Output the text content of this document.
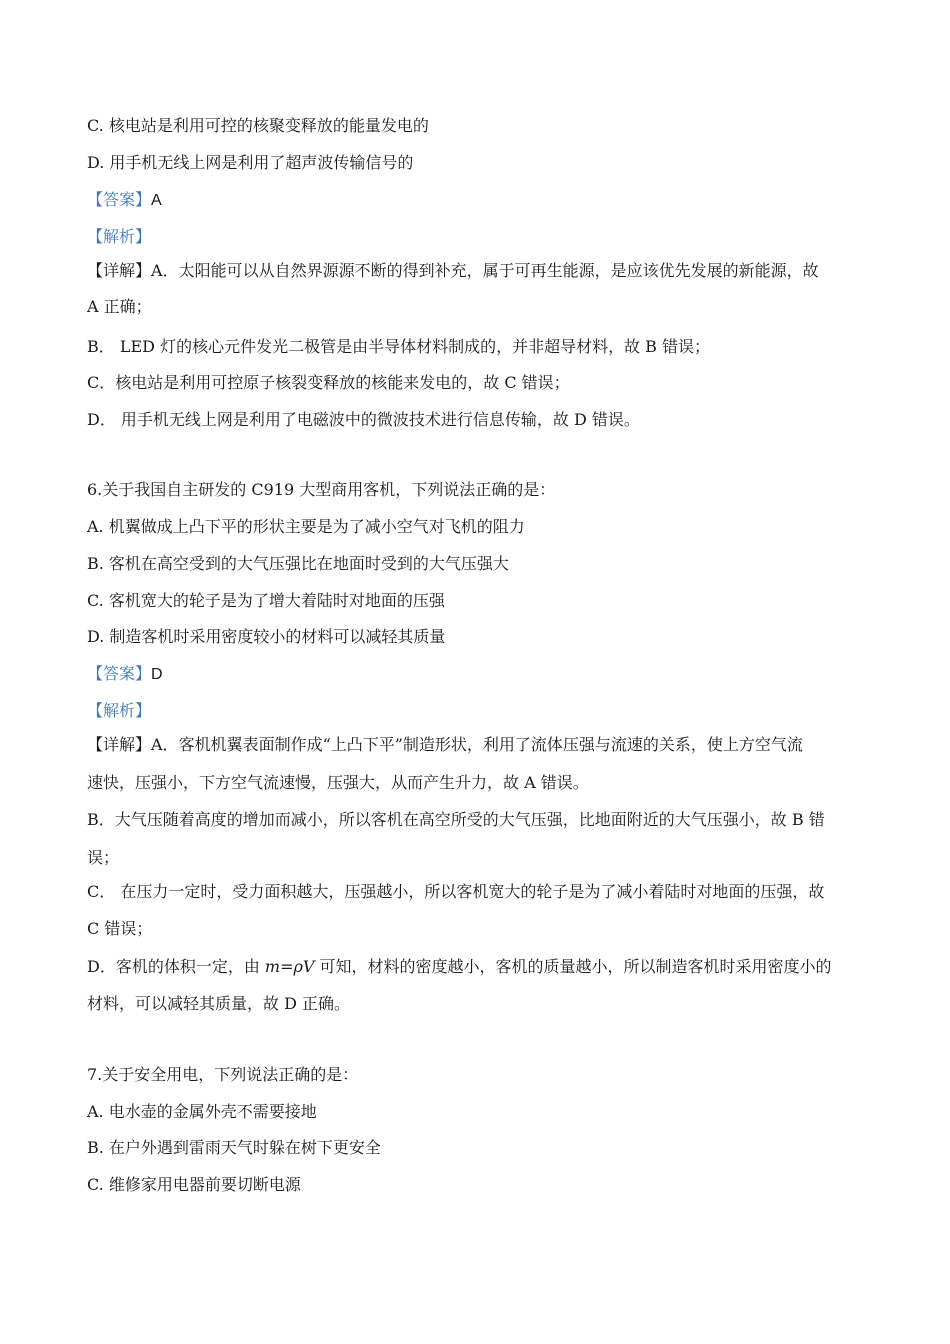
C. 核电站是利用可控的核聚变释放的能量发电的
D. 用手机无线上网是利用了超声波传输信号的
【答案】A
【解析】
【详解】A．太阳能可以从自然界源源不断的得到补充，属于可再生能源，是应该优先发展的新能源，故
A 正确；
B． LED 灯的核心元件发光二极管是由半导体材料制成的，并非超导材料，故 B 错误；
C．核电站是利用可控原子核裂变释放的核能来发电的，故 C 错误；
D． 用手机无线上网是利用了电磁波中的微波技术进行信息传输，故 D 错误。
6.关于我国自主研发的 C919 大型商用客机，下列说法正确的是：
A. 机翼做成上凸下平的形状主要是为了减小空气对飞机的阻力
B. 客机在高空受到的大气压强比在地面时受到的大气压强大
C. 客机宽大的轮子是为了增大着陆时对地面的压强
D. 制造客机时采用密度较小的材料可以减轻其质量
【答案】D
【解析】
【详解】A．客机机翼表面制作成“上凸下平”制造形状，利用了流体压强与流速的关系，使上方空气流
速快，压强小，下方空气流速慢，压强大，从而产生升力，故 A 错误。
B．大气压随着高度的增加而减小，所以客机在高空所受的大气压强，比地面附近的大气压强小，故 B 错
误；
C． 在压力一定时，受力面积越大，压强越小，所以客机宽大的轮子是为了减小着陆时对地面的压强，故
C 错误；
D．客机的体积一定，由 m=ρV 可知，材料的密度越小，客机的质量越小，所以制造客机时采用密度小的
材料，可以减轻其质量，故 D 正确。
7.关于安全用电，下列说法正确的是：
A. 电水壶的金属外壳不需要接地
B. 在户外遇到雷雨天气时躲在树下更安全
C. 维修家用电器前要切断电源
